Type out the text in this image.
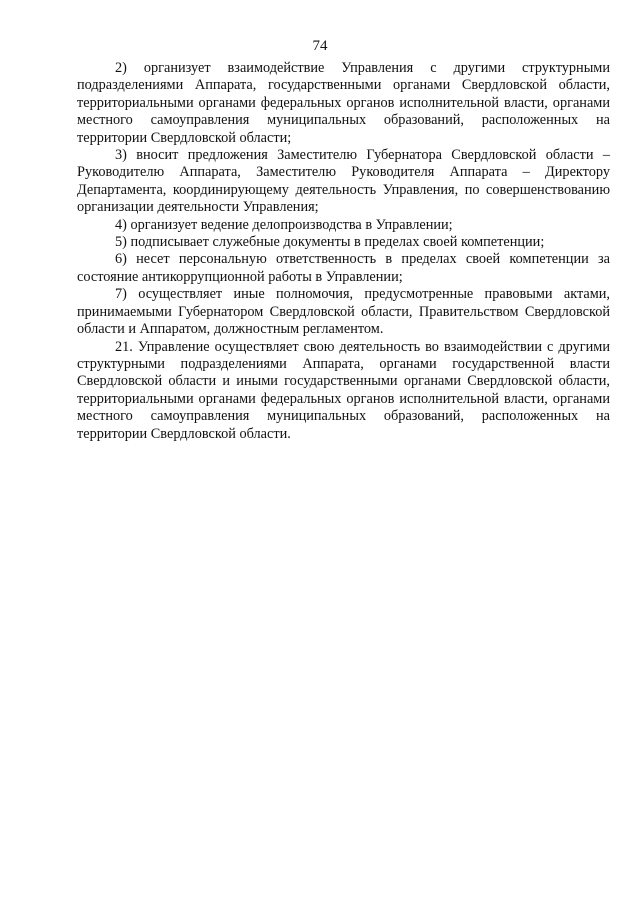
74

2) организует взаимодействие Управления с другими структурными подразделениями Аппарата, государственными органами Свердловской области, территориальными органами федеральных органов исполнительной власти, органами местного самоуправления муниципальных образований, расположенных на территории Свердловской области;

3) вносит предложения Заместителю Губернатора Свердловской области – Руководителю Аппарата, Заместителю Руководителя Аппарата – Директору Департамента, координирующему деятельность Управления, по совершенствованию организации деятельности Управления;

4) организует ведение делопроизводства в Управлении;

5) подписывает служебные документы в пределах своей компетенции;

6) несет персональную ответственность в пределах своей компетенции за состояние антикоррупционной работы в Управлении;

7) осуществляет иные полномочия, предусмотренные правовыми актами, принимаемыми Губернатором Свердловской области, Правительством Свердловской области и Аппаратом, должностным регламентом.

21. Управление осуществляет свою деятельность во взаимодействии с другими структурными подразделениями Аппарата, органами государственной власти Свердловской области и иными государственными органами Свердловской области, территориальными органами федеральных органов исполнительной власти, органами местного самоуправления муниципальных образований, расположенных на территории Свердловской области.
